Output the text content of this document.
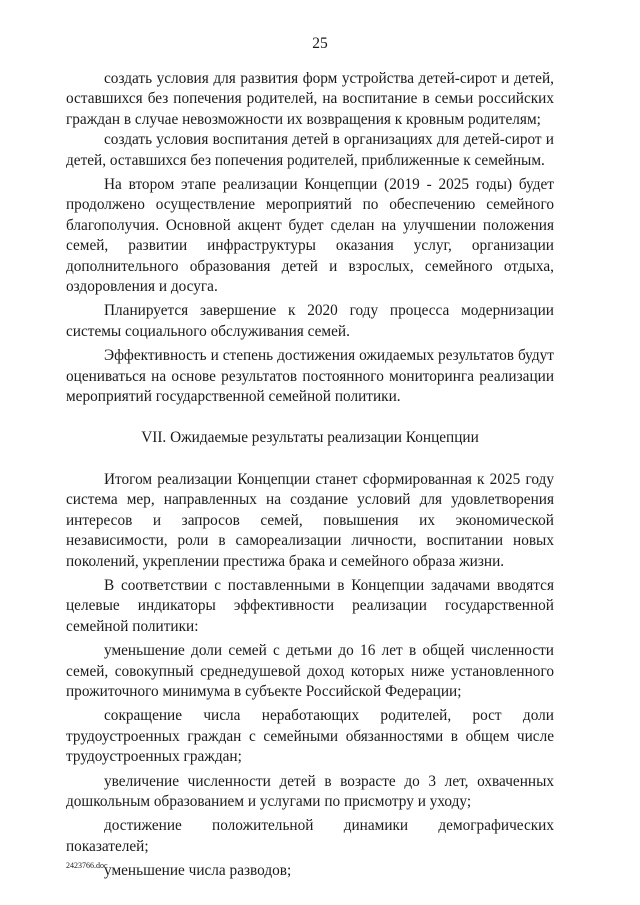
25

создать условия для развития форм устройства детей-сирот и детей, оставшихся без попечения родителей, на воспитание в семьи российских граждан в случае невозможности их возвращения к кровным родителям;

создать условия воспитания детей в организациях для детей-сирот и детей, оставшихся без попечения родителей, приближенные к семейным.

На втором этапе реализации Концепции (2019 - 2025 годы) будет продолжено осуществление мероприятий по обеспечению семейного благополучия. Основной акцент будет сделан на улучшении положения семей, развитии инфраструктуры оказания услуг, организации дополнительного образования детей и взрослых, семейного отдыха, оздоровления и досуга.

Планируется завершение к 2020 году процесса модернизации системы социального обслуживания семей.

Эффективность и степень достижения ожидаемых результатов будут оцениваться на основе результатов постоянного мониторинга реализации мероприятий государственной семейной политики.

VII. Ожидаемые результаты реализации Концепции

Итогом реализации Концепции станет сформированная к 2025 году система мер, направленных на создание условий для удовлетворения интересов и запросов семей, повышения их экономической независимости, роли в самореализации личности, воспитании новых поколений, укреплении престижа брака и семейного образа жизни.

В соответствии с поставленными в Концепции задачами вводятся целевые индикаторы эффективности реализации государственной семейной политики:

уменьшение доли семей с детьми до 16 лет в общей численности семей, совокупный среднедушевой доход которых ниже установленного прожиточного минимума в субъекте Российской Федерации;

сокращение числа неработающих родителей, рост доли трудоустроенных граждан с семейными обязанностями в общем числе трудоустроенных граждан;

увеличение численности детей в возрасте до 3 лет, охваченных дошкольным образованием и услугами по присмотру и уходу;

достижение положительной динамики демографических показателей;

уменьшение числа разводов;

2423766.doc
